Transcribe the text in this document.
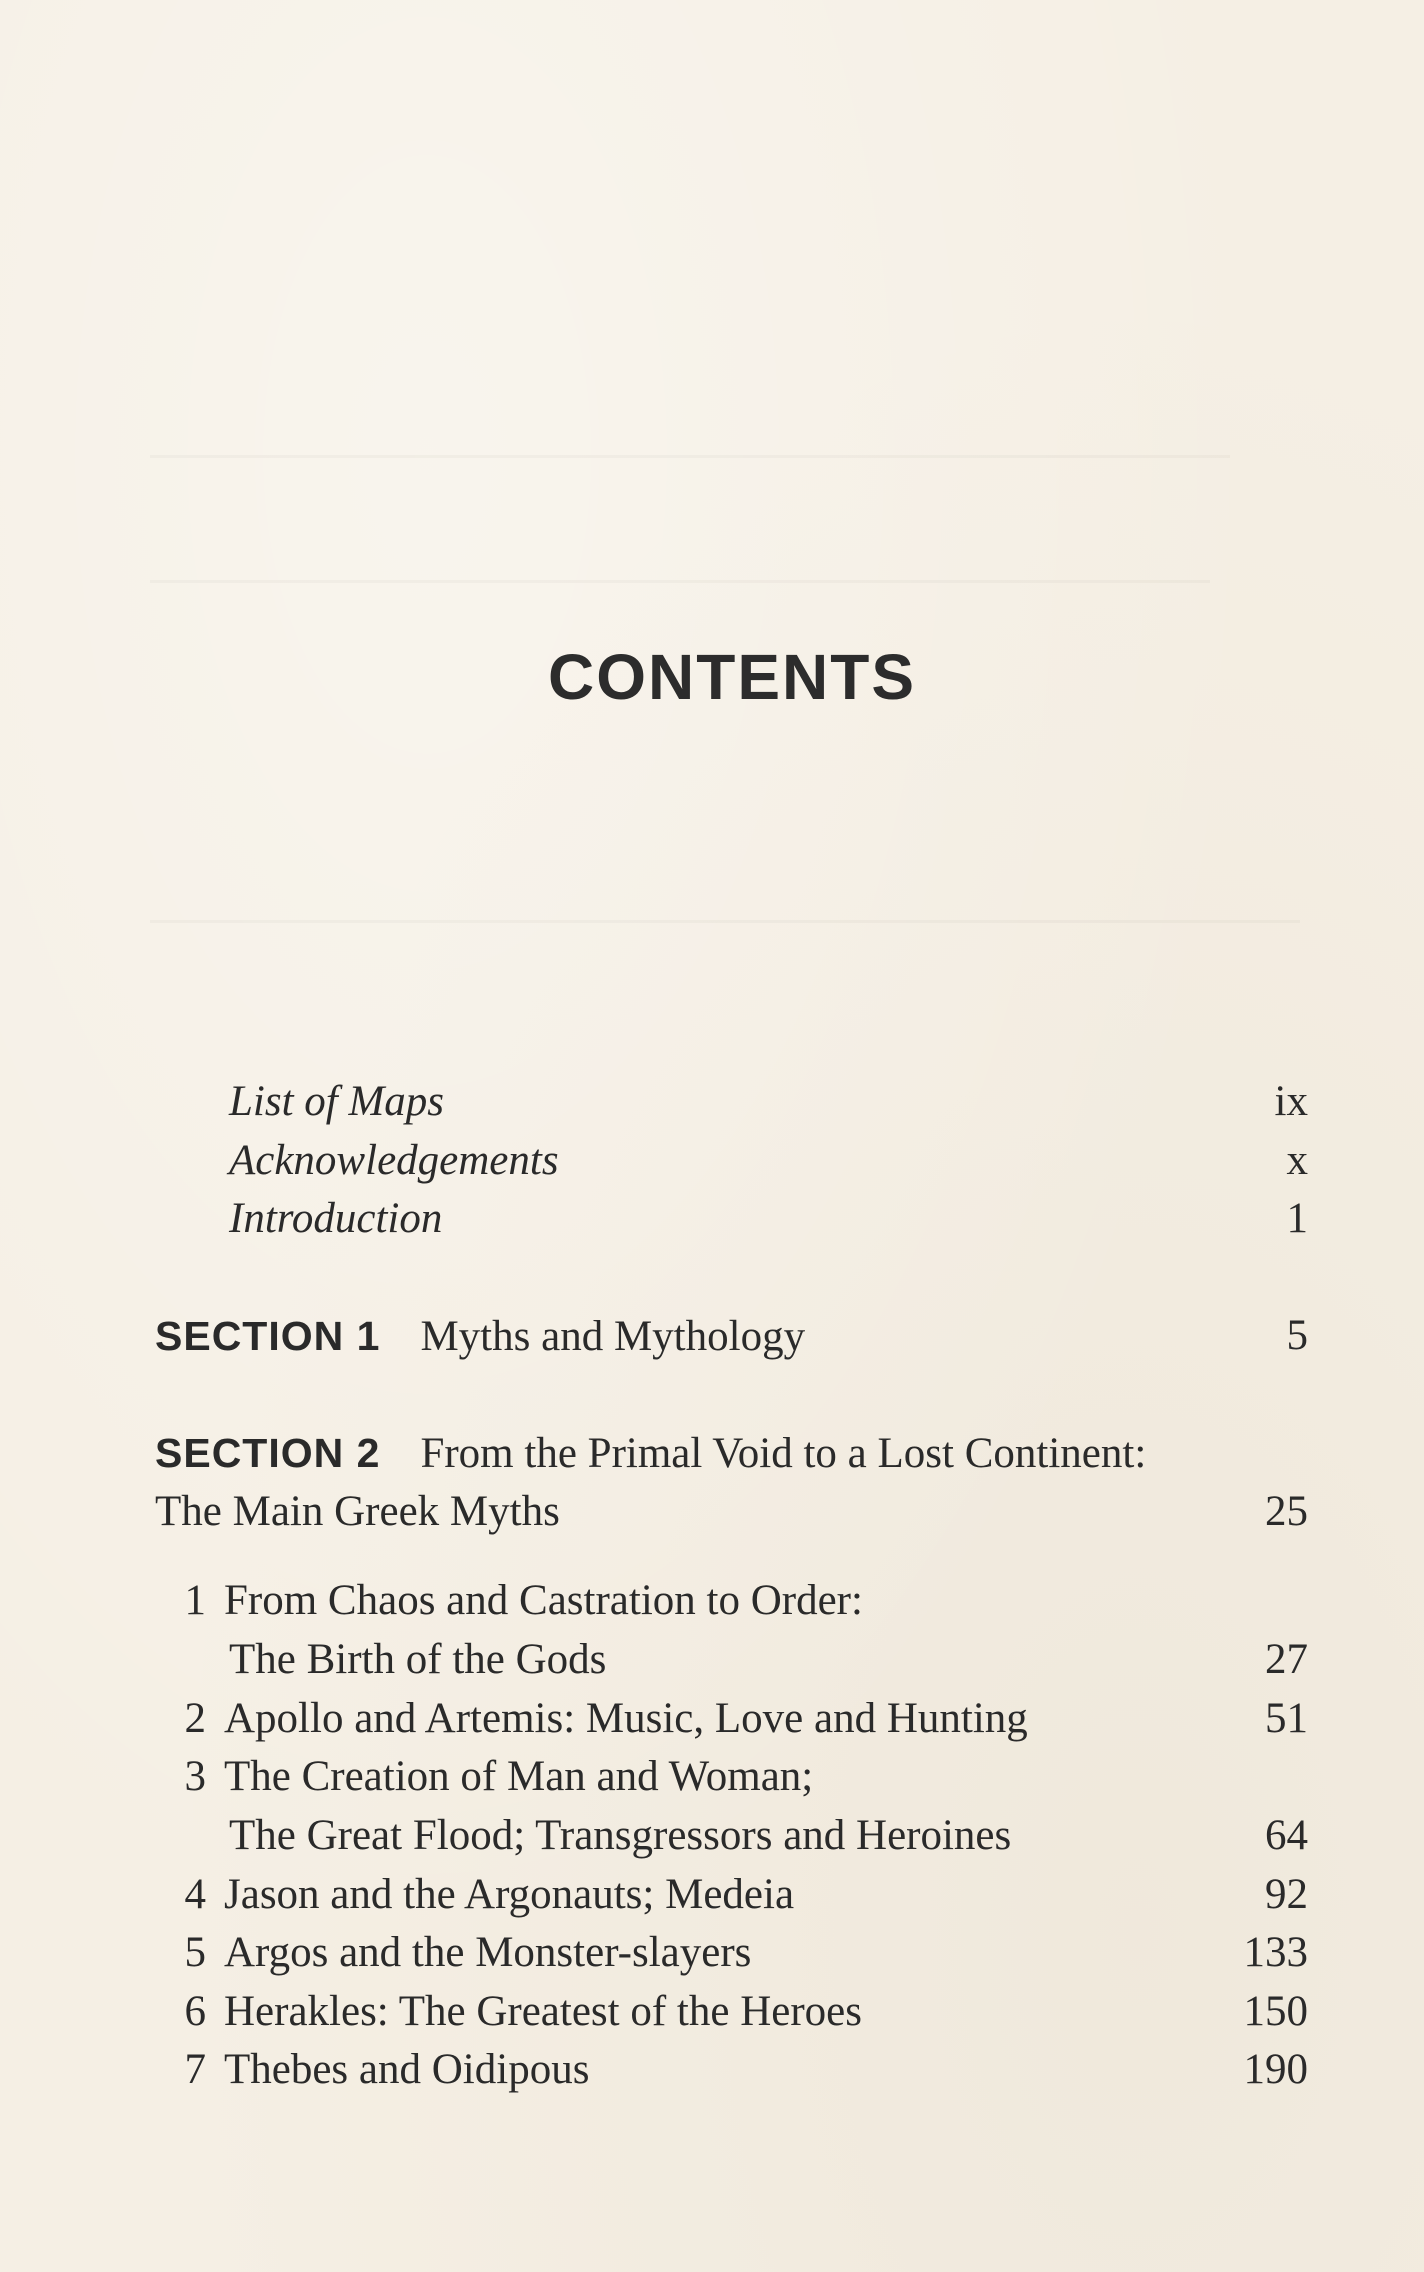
CONTENTS
List of Maps	ix
Acknowledgements	x
Introduction	1
SECTION 1 Myths and Mythology	5
SECTION 2 From the Primal Void to a Lost Continent:
The Main Greek Myths	25
1 From Chaos and Castration to Order:
The Birth of the Gods	27
2 Apollo and Artemis: Music, Love and Hunting	51
3 The Creation of Man and Woman;
The Great Flood; Transgressors and Heroines	64
4 Jason and the Argonauts; Medeia	92
5 Argos and the Monster-slayers	133
6 Herakles: The Greatest of the Heroes	150
7 Thebes and Oidipous	190
